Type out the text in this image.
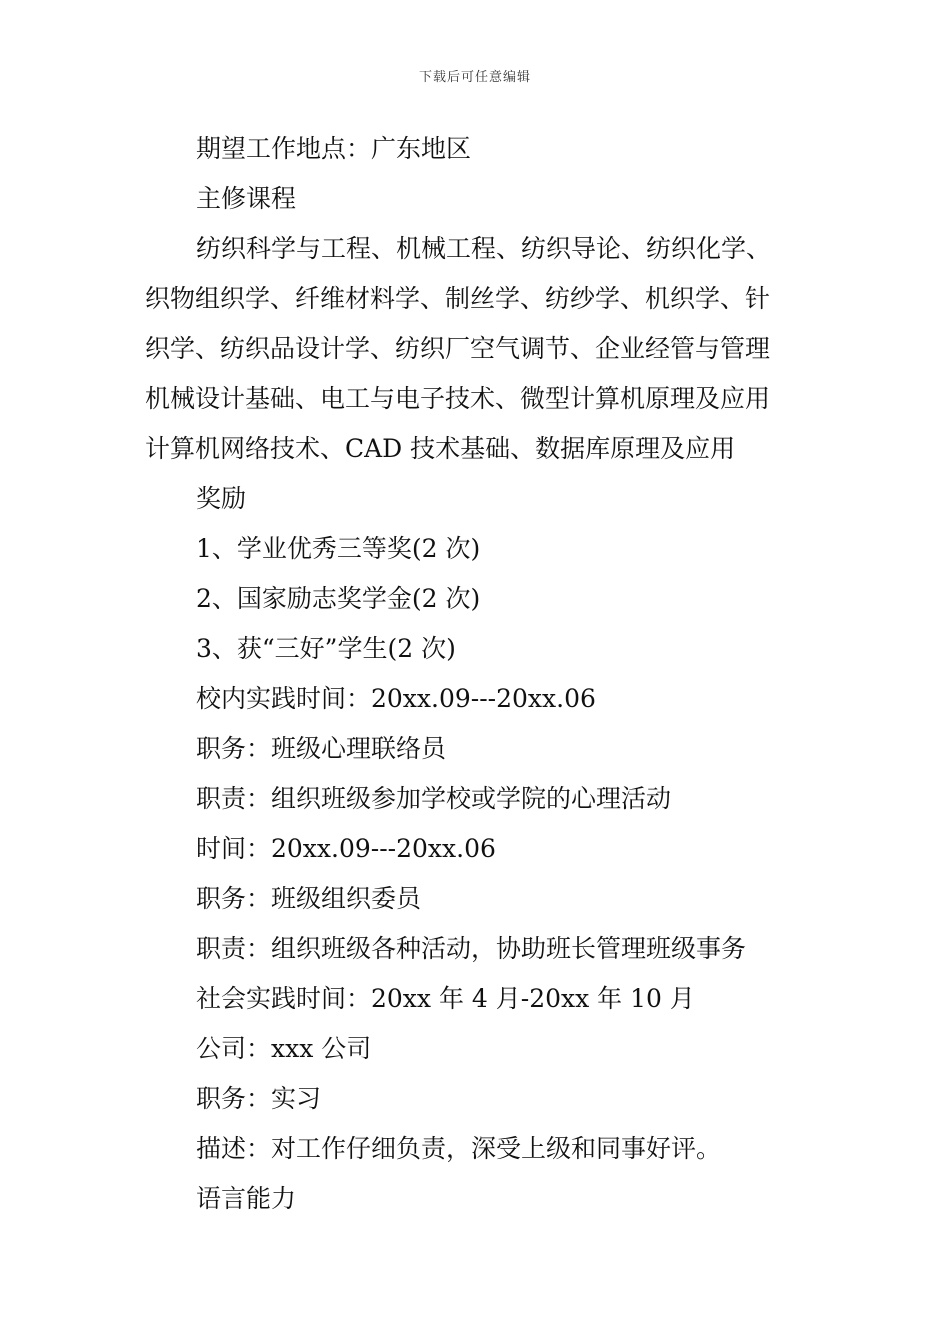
下载后可任意编辑
期望工作地点：广东地区
主修课程
纺织科学与工程、机械工程、纺织导论、纺织化学、
织物组织学、纤维材料学、制丝学、纺纱学、机织学、针
织学、纺织品设计学、纺织厂空气调节、企业经管与管理
机械设计基础、电工与电子技术、微型计算机原理及应用
计算机网络技术、CAD 技术基础、数据库原理及应用
奖励
1、学业优秀三等奖(2 次)
2、国家励志奖学金(2 次)
3、获“三好”学生(2 次)
校内实践时间：20xx.09---20xx.06
职务：班级心理联络员
职责：组织班级参加学校或学院的心理活动
时间：20xx.09---20xx.06
职务：班级组织委员
职责：组织班级各种活动，协助班长管理班级事务
社会实践时间：20xx 年 4 月-20xx 年 10 月
公司：xxx 公司
职务：实习
描述：对工作仔细负责，深受上级和同事好评。
语言能力
